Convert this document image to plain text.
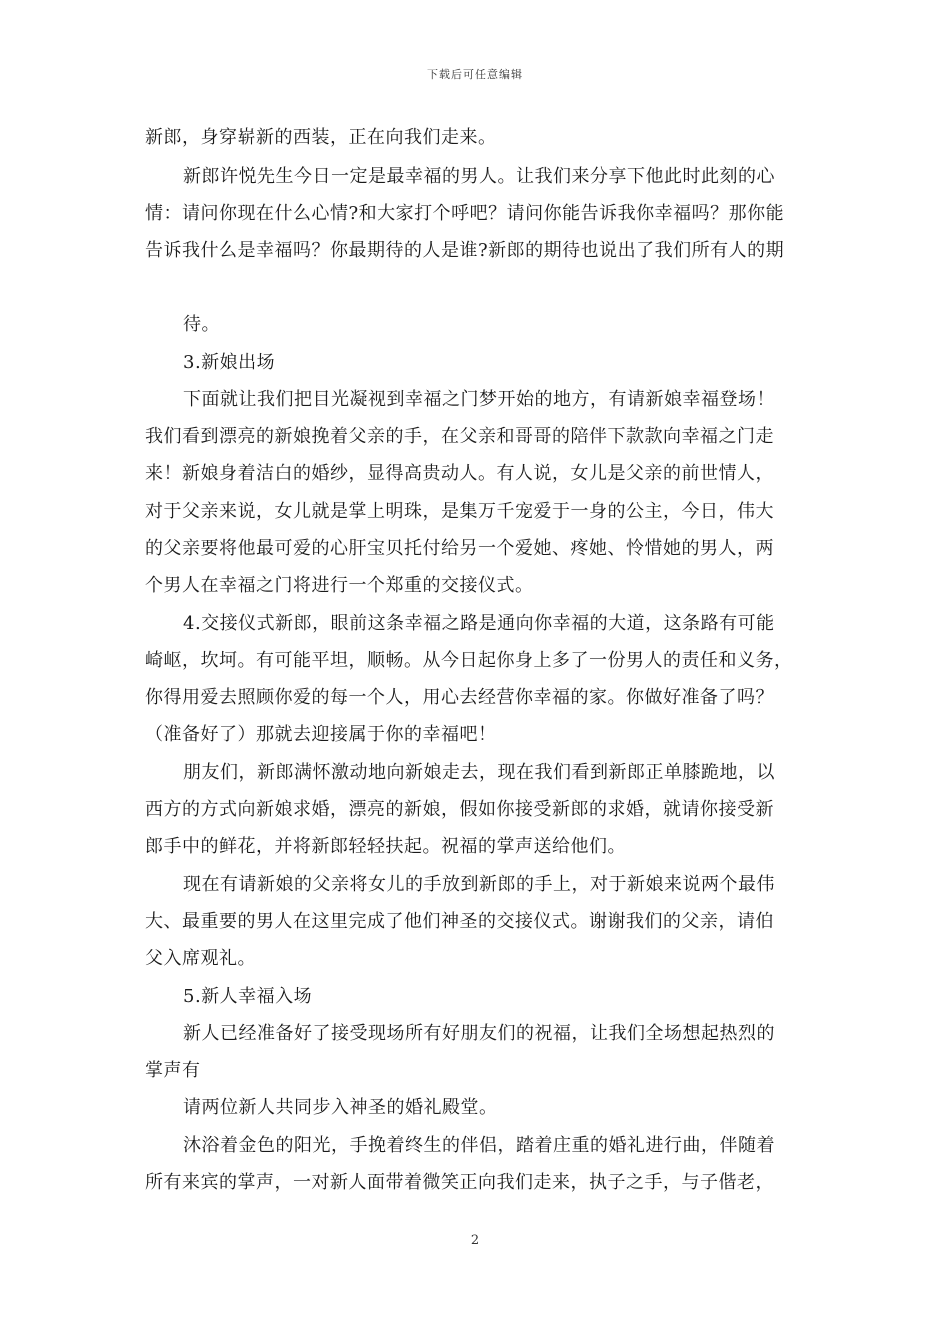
下载后可任意编辑
新郎，身穿崭新的西装，正在向我们走来。
新郎许悦先生今日一定是最幸福的男人。让我们来分享下他此时此刻的心
情：请问你现在什么心情?和大家打个呼吧？请问你能告诉我你幸福吗？那你能
告诉我什么是幸福吗？你最期待的人是谁?新郎的期待也说出了我们所有人的期
待。
3.新娘出场
下面就让我们把目光凝视到幸福之门梦开始的地方，有请新娘幸福登场！
我们看到漂亮的新娘挽着父亲的手，在父亲和哥哥的陪伴下款款向幸福之门走
来！新娘身着洁白的婚纱，显得高贵动人。有人说，女儿是父亲的前世情人，
对于父亲来说，女儿就是掌上明珠，是集万千宠爱于一身的公主，今日，伟大
的父亲要将他最可爱的心肝宝贝托付给另一个爱她、疼她、怜惜她的男人，两
个男人在幸福之门将进行一个郑重的交接仪式。
4.交接仪式新郎，眼前这条幸福之路是通向你幸福的大道，这条路有可能
崎岖，坎坷。有可能平坦，顺畅。从今日起你身上多了一份男人的责任和义务，
你得用爱去照顾你爱的每一个人，用心去经营你幸福的家。你做好准备了吗？
（准备好了）那就去迎接属于你的幸福吧！
朋友们，新郎满怀激动地向新娘走去，现在我们看到新郎正单膝跪地，以
西方的方式向新娘求婚，漂亮的新娘，假如你接受新郎的求婚，就请你接受新
郎手中的鲜花，并将新郎轻轻扶起。祝福的掌声送给他们。
现在有请新娘的父亲将女儿的手放到新郎的手上，对于新娘来说两个最伟
大、最重要的男人在这里完成了他们神圣的交接仪式。谢谢我们的父亲，请伯
父入席观礼。
5.新人幸福入场
新人已经准备好了接受现场所有好朋友们的祝福，让我们全场想起热烈的
掌声有
请两位新人共同步入神圣的婚礼殿堂。
沐浴着金色的阳光，手挽着终生的伴侣，踏着庄重的婚礼进行曲，伴随着
所有来宾的掌声，一对新人面带着微笑正向我们走来，执子之手，与子偕老，
2
